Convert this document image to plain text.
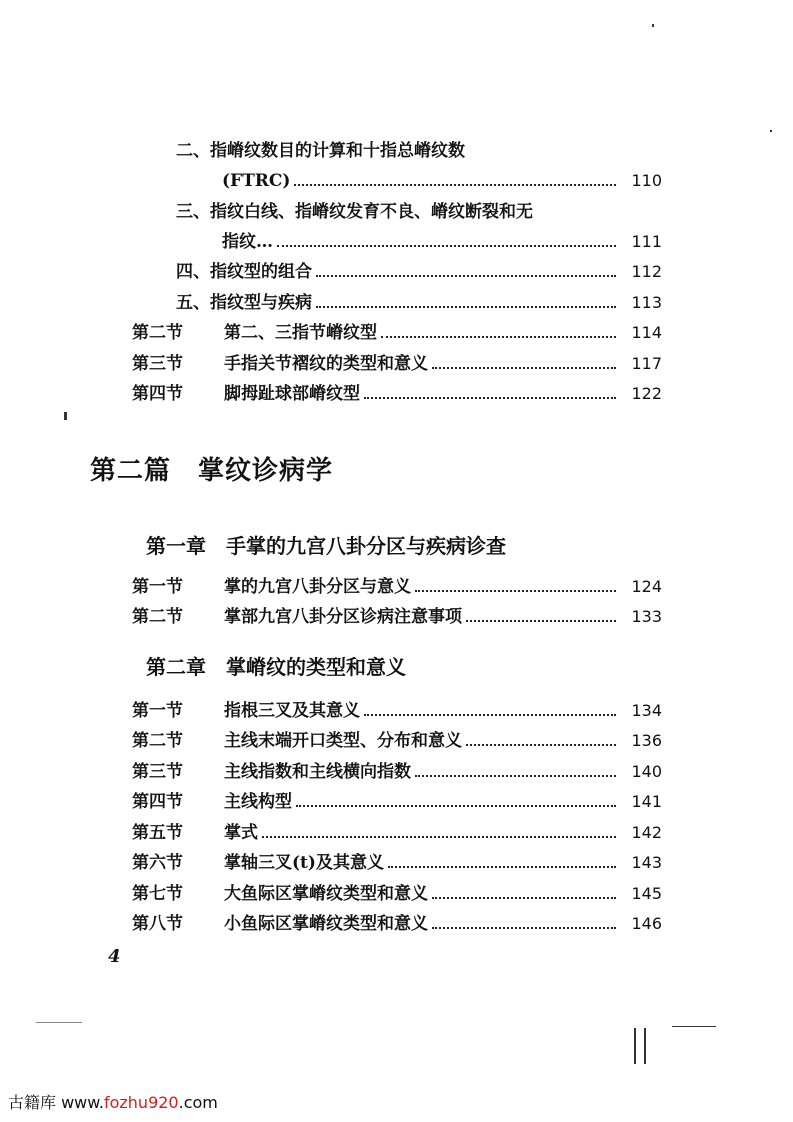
二、指嵴纹数目的计算和十指总嵴纹数
(FTRC)	110
三、指纹白线、指嵴纹发育不良、嵴纹断裂和无
指纹…	111
四、指纹型的组合	112
五、指纹型与疾病	113
第二节	第二、三指节嵴纹型	114
第三节	手指关节褶纹的类型和意义	117
第四节	脚拇趾球部嵴纹型	122
第二篇　掌纹诊病学
第一章　手掌的九宫八卦分区与疾病诊查
第一节	掌的九宫八卦分区与意义	124
第二节	掌部九宫八卦分区诊病注意事项	133
第二章　掌嵴纹的类型和意义
第一节	指根三叉及其意义	134
第二节	主线末端开口类型、分布和意义	136
第三节	主线指数和主线横向指数	140
第四节	主线构型	141
第五节	掌式	142
第六节	掌轴三叉(t)及其意义	143
第七节	大鱼际区掌嵴纹类型和意义	145
第八节	小鱼际区掌嵴纹类型和意义	146
4
古籍库 www.fozhu920.com
